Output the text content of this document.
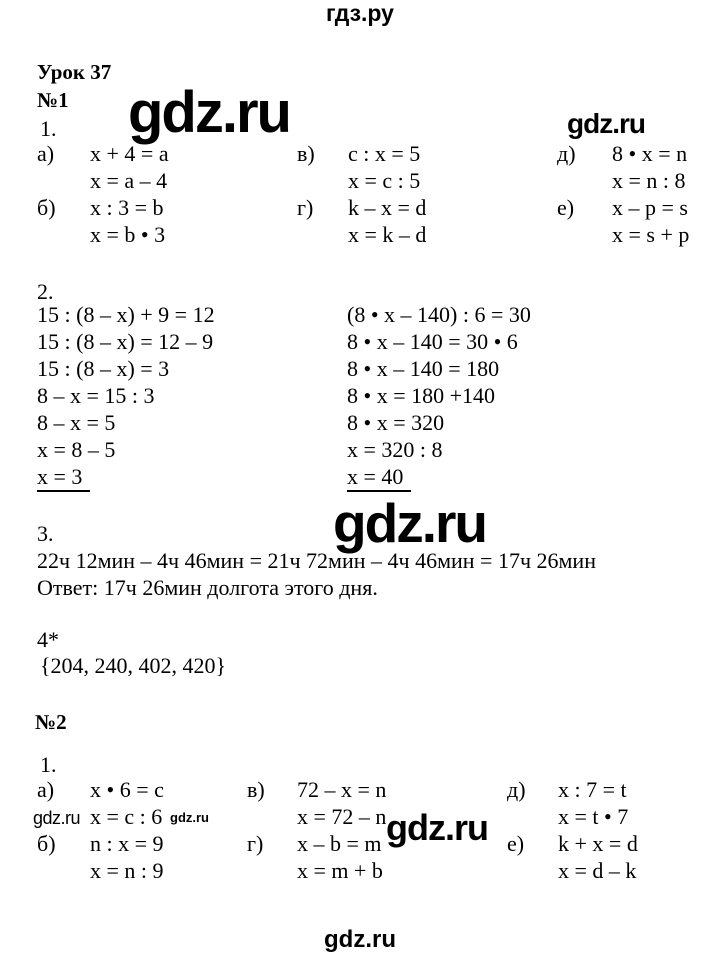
гдз.ру
gdz.ru	gdz.ru
gdz.ru
gdz.ru
gdz.ru	gdz.ru
gdz.ru
Урок 37
№1
1.
а)	x + 4 = a
x = a – 4
б)	x : 3 = b
x = b • 3
в)	c : x = 5
x = c : 5
г)	k – x = d
x = k – d
д)	8 • x = n
x = n : 8
е)	x – p = s
x = s + p
2.
15 : (8 – x) + 9 = 12
15 : (8 – x) = 12 – 9
15 : (8 – x) = 3
8 – x = 15 : 3
8 – x = 5
x = 8 – 5
x = 3
(8 • x – 140) : 6 = 30
8 • x – 140 = 30 • 6
8 • x – 140 = 180
8 • x = 180 +140
8 • x = 320
x = 320 : 8
x = 40
3.
22ч 12мин – 4ч 46мин = 21ч 72мин – 4ч 46мин = 17ч 26мин
Ответ: 17ч 26мин долгота этого дня.
4*
{204, 240, 402, 420}
№2
1.
а)	x • 6 = c
x = c : 6
б)	n : x = 9
x = n : 9
в)	72 – x = n
x = 72 – n
г)	x – b = m
x = m + b
д)	x : 7 = t
x = t • 7
е)	k + x = d
x = d – k
